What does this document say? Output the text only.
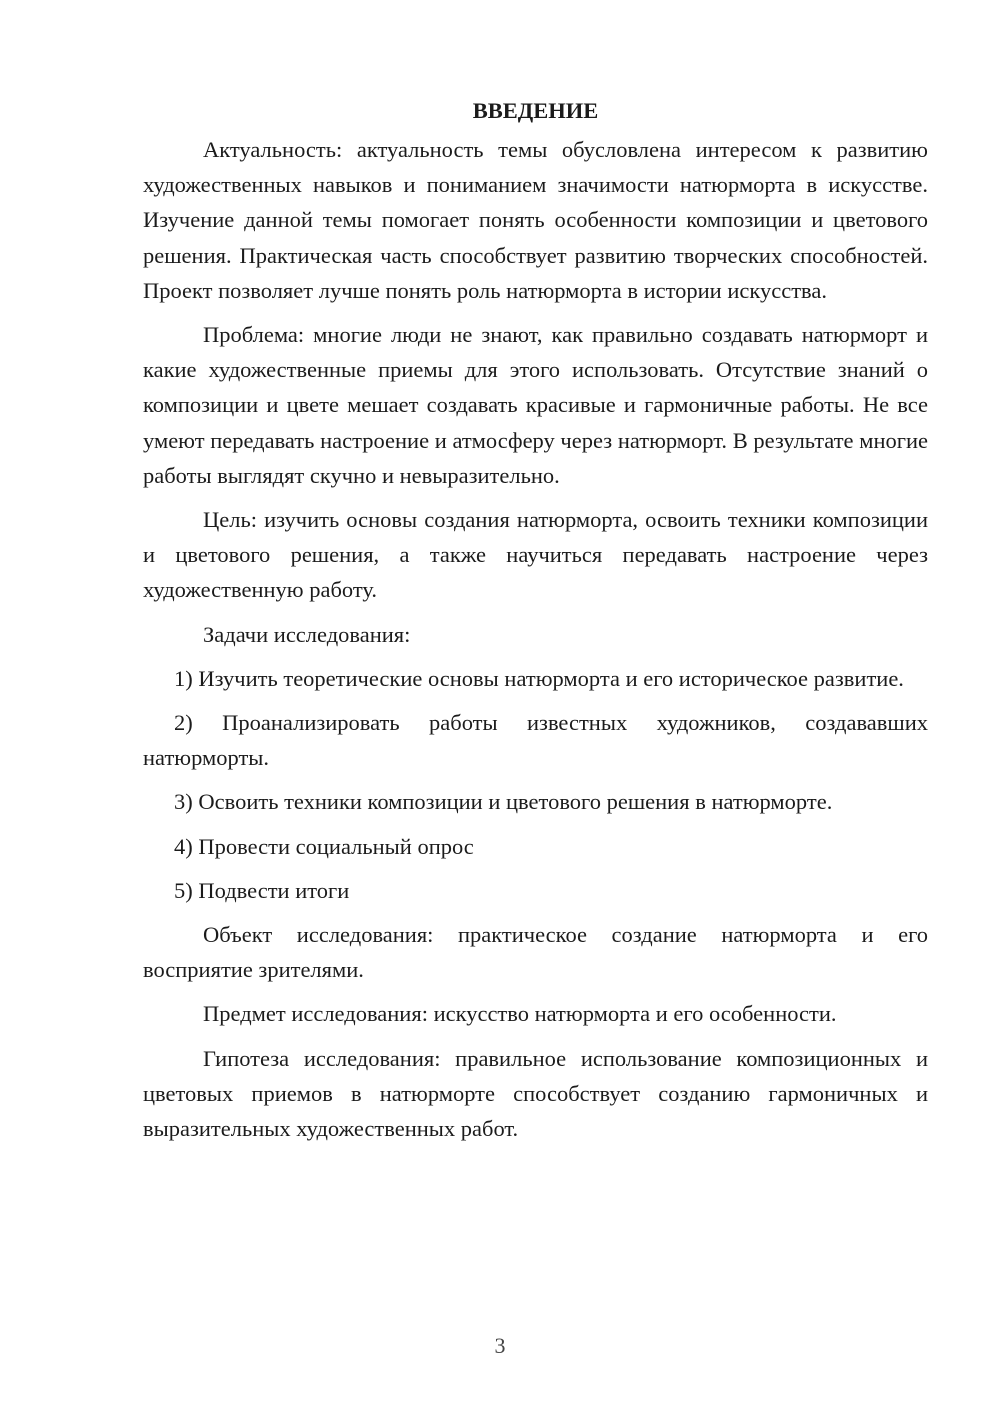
ВВЕДЕНИЕ

Актуальность: актуальность темы обусловлена интересом к развитию художественных навыков и пониманием значимости натюрморта в искусстве. Изучение данной темы помогает понять особенности композиции и цветового решения. Практическая часть способствует развитию творческих способностей. Проект позволяет лучше понять роль натюрморта в истории искусства.

Проблема: многие люди не знают, как правильно создавать натюрморт и какие художественные приемы для этого использовать. Отсутствие знаний о композиции и цвете мешает создавать красивые и гармоничные работы. Не все умеют передавать настроение и атмосферу через натюрморт. В результате многие работы выглядят скучно и невыразительно.

Цель: изучить основы создания натюрморта, освоить техники композиции и цветового решения, а также научиться передавать настроение через художественную работу.

Задачи исследования:

1) Изучить теоретические основы натюрморта и его историческое развитие.

2) Проанализировать работы известных художников, создававших натюрморты.

3) Освоить техники композиции и цветового решения в натюрморте.

4) Провести социальный опрос

5) Подвести итоги

Объект исследования: практическое создание натюрморта и его восприятие зрителями.

Предмет исследования: искусство натюрморта и его особенности.

Гипотеза исследования: правильное использование композиционных и цветовых приемов в натюрморте способствует созданию гармоничных и выразительных художественных работ.

3
